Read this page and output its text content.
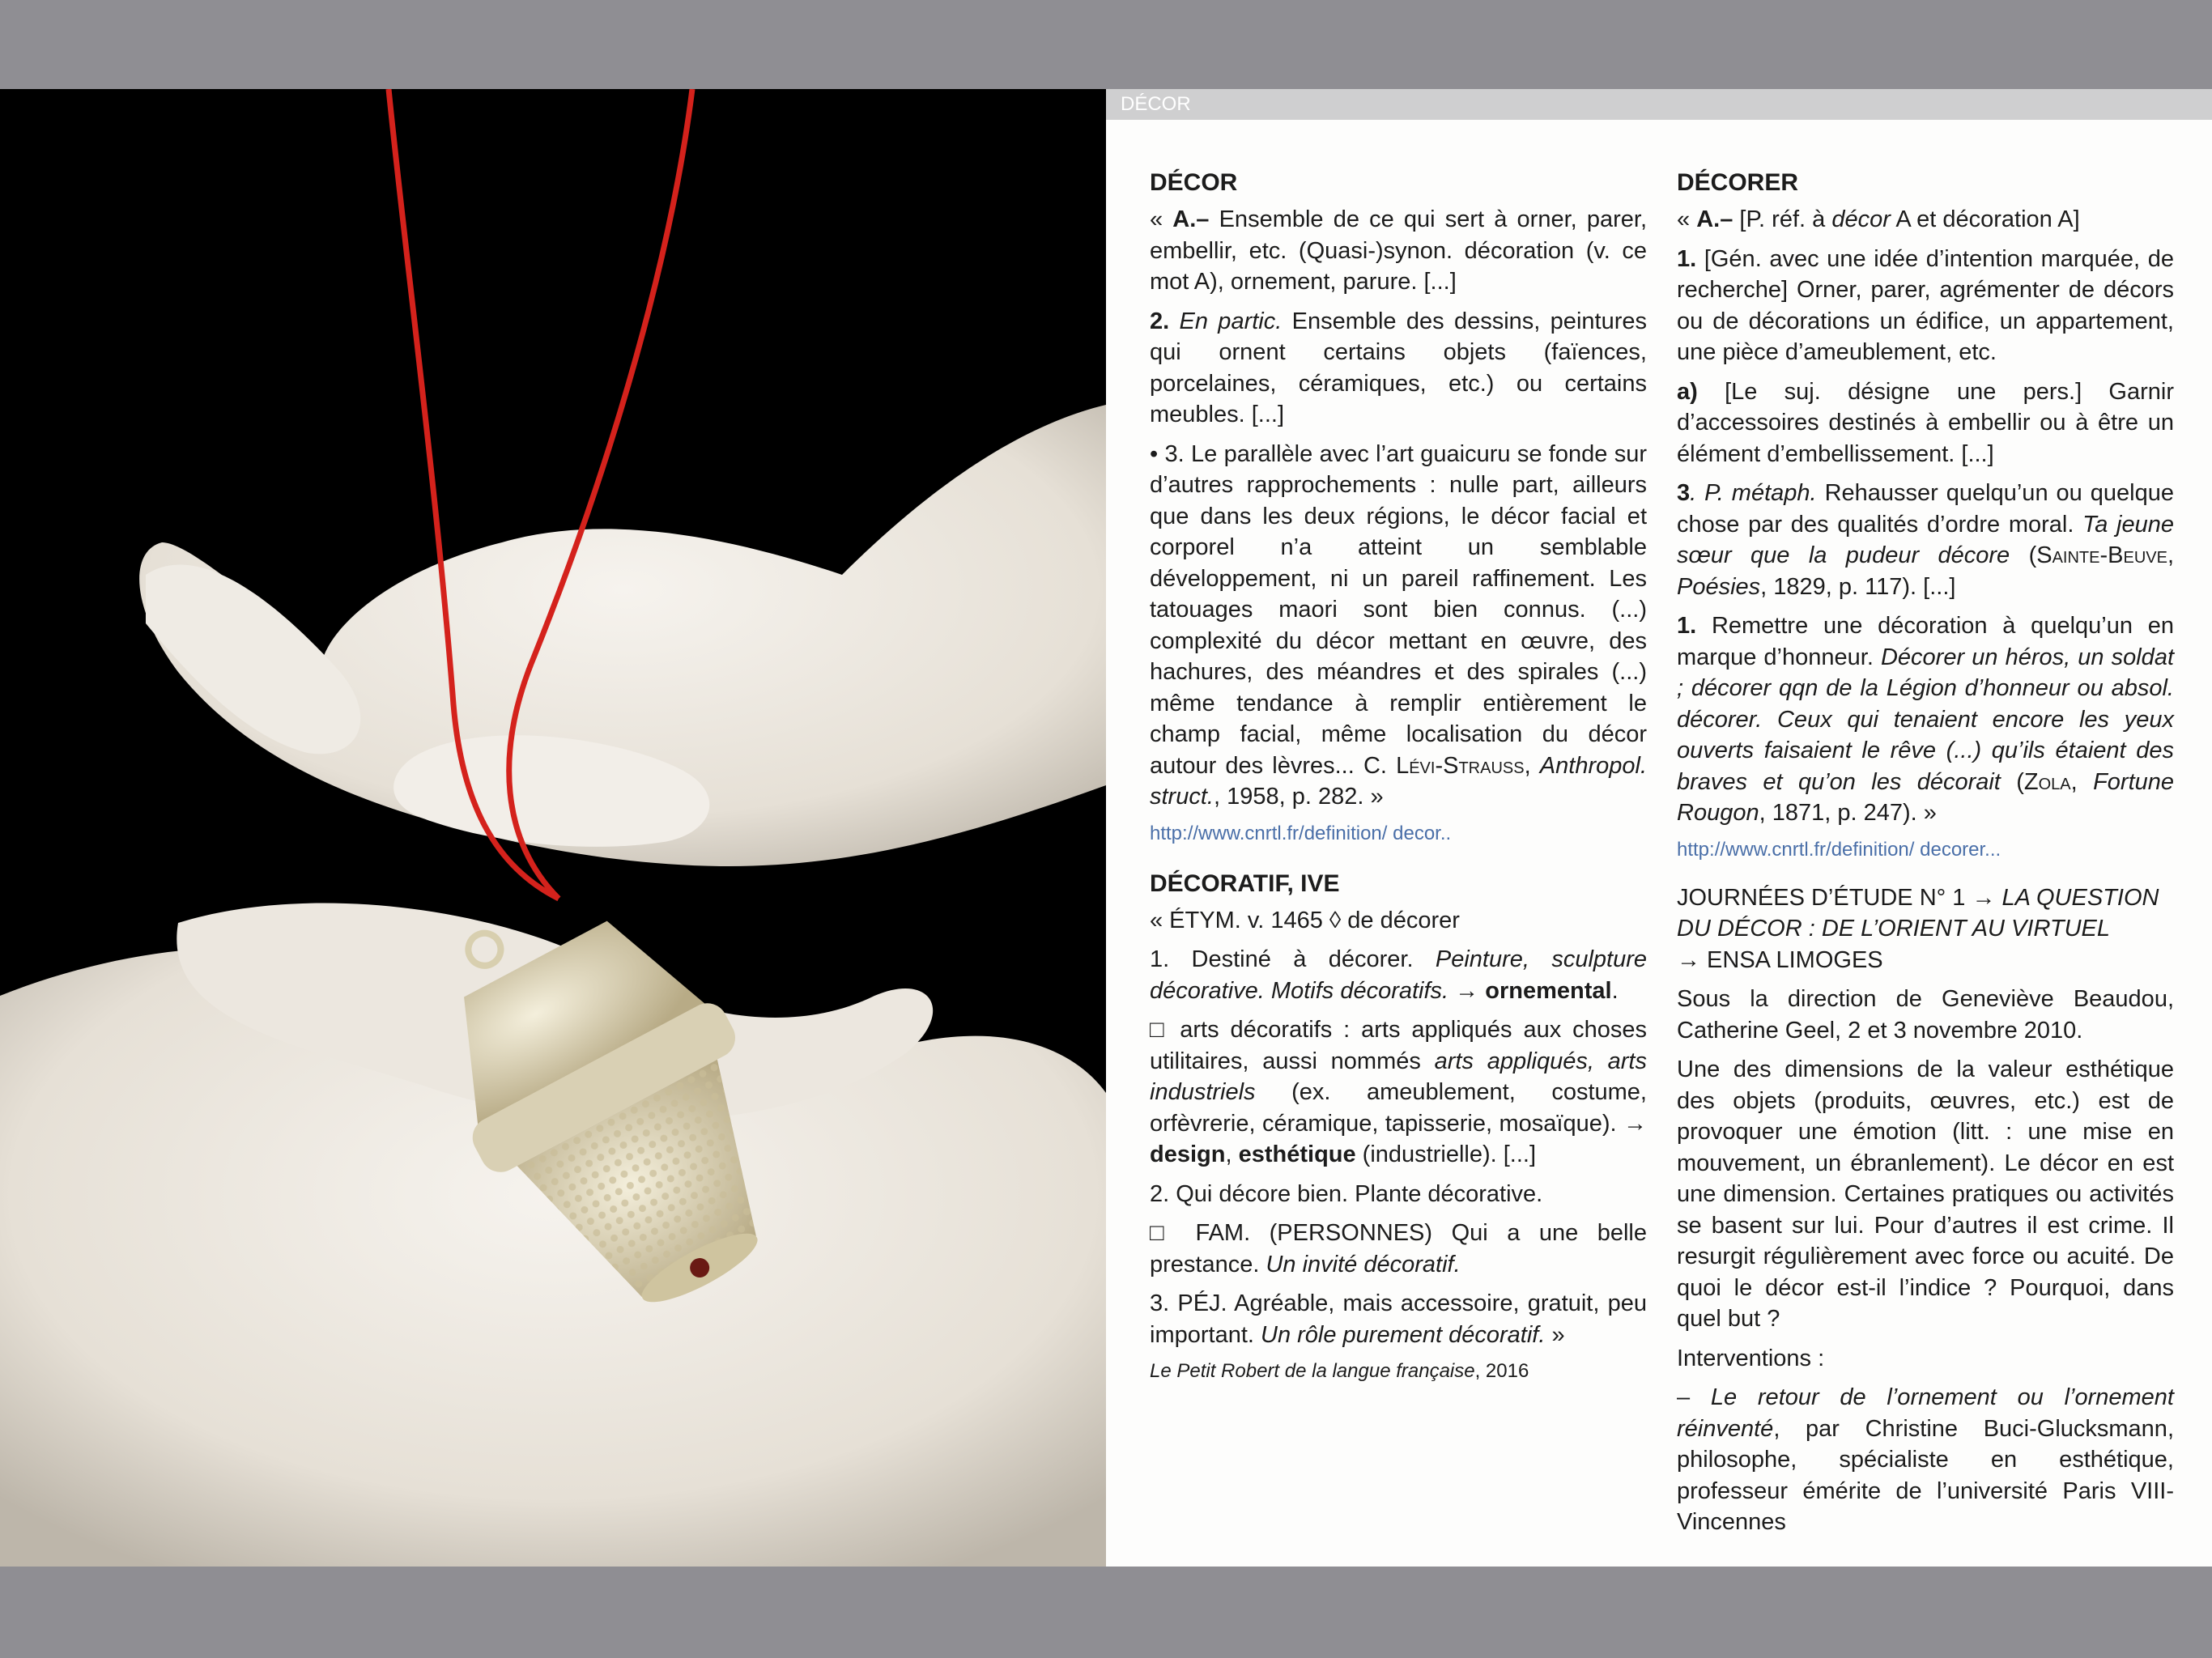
DÉCOR
DÉCOR

« A.– Ensemble de ce qui sert à orner, parer, embellir, etc. (Quasi-)synon. décoration (v. ce mot A), ornement, parure. [...]

2. En partic. Ensemble des dessins, peintures qui ornent certains objets (faïences, porcelaines, céramiques, etc.) ou certains meubles. [...]

• 3. Le parallèle avec l’art guaicuru se fonde sur d’autres rapprochements : nulle part, ailleurs que dans les deux régions, le décor facial et corporel n’a atteint un semblable développement, ni un pareil raffinement. Les tatouages maori sont bien connus. (...) complexité du décor mettant en œuvre, des hachures, des méandres et des spirales (...) même tendance à remplir entièrement le champ facial, même localisation du décor autour des lèvres... C. Lévi-Strauss, Anthropol. struct., 1958, p. 282. »

http://www.cnrtl.fr/definition/ decor..
DÉCORATIF, IVE

« ÉTYM. v. 1465 ◊ de décorer

1. Destiné à décorer. Peinture, sculpture décorative. Motifs décoratifs. → ornemental.

□ arts décoratifs : arts appliqués aux choses utilitaires, aussi nommés arts appliqués, arts industriels (ex. ameublement, costume, orfèvrerie, céramique, tapisserie, mosaïque). → design, esthétique (industrielle). [...]

2. Qui décore bien. Plante décorative.

□ FAM. (PERSONNES) Qui a une belle prestance. Un invité décoratif.

3. PÉJ. Agréable, mais accessoire, gratuit, peu important. Un rôle purement décoratif. »

Le Petit Robert de la langue française, 2016
DÉCORER

« A.– [P. réf. à décor A et décoration A]

1. [Gén. avec une idée d’intention marquée, de recherche] Orner, parer, agrémenter de décors ou de décorations un édifice, un appartement, une pièce d’ameublement, etc.

a) [Le suj. désigne une pers.] Garnir d’accessoires destinés à embellir ou à être un élément d’embellissement. [...]

3. P. métaph. Rehausser quelqu’un ou quelque chose par des qualités d’ordre moral. Ta jeune sœur que la pudeur décore (Sainte-Beuve, Poésies, 1829, p. 117). [...]

1. Remettre une décoration à quelqu’un en marque d’honneur. Décorer un héros, un soldat ; décorer qqn de la Légion d’honneur ou absol. décorer. Ceux qui tenaient encore les yeux ouverts faisaient le rêve (...) qu’ils étaient des braves et qu’on les décorait (Zola, Fortune Rougon, 1871, p. 247). »

http://www.cnrtl.fr/definition/ decorer...
JOURNÉES D’ÉTUDE N° 1 → LA QUESTION DU DÉCOR : DE L’ORIENT AU VIRTUEL
→ ENSA LIMOGES

Sous la direction de Geneviève Beaudou, Catherine Geel, 2 et 3 novembre 2010.

Une des dimensions de la valeur esthétique des objets (produits, œuvres, etc.) est de provoquer une émotion (litt. : une mise en mouvement, un ébranlement). Le décor en est une dimension. Certaines pratiques ou activités se basent sur lui. Pour d’autres il est crime. Il resurgit régulièrement avec force ou acuité. De quoi le décor est-il l’indice ? Pourquoi, dans quel but ?

Interventions :

– Le retour de l’ornement ou l’ornement réinventé, par Christine Buci-Glucksmann, philosophe, spécialiste en esthétique, professeur émérite de l’université Paris VIII-Vincennes
